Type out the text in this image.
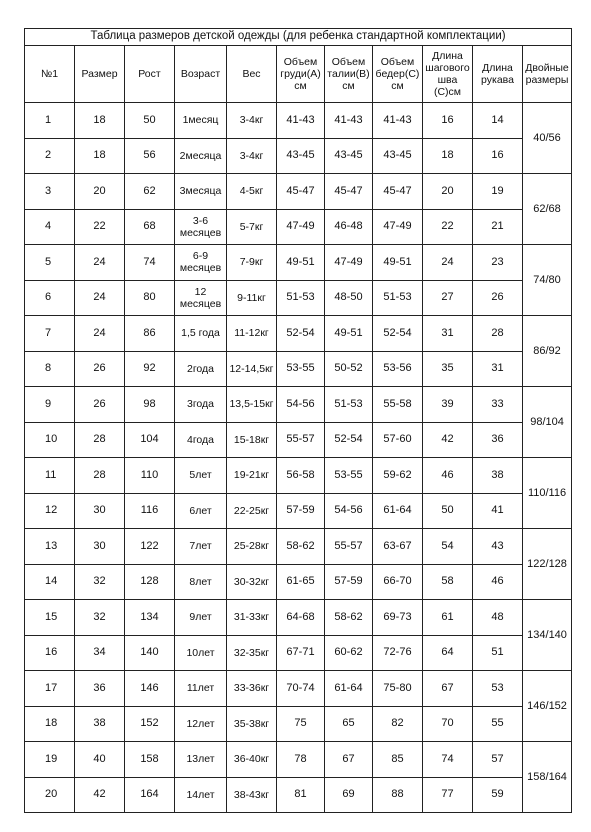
Таблица размеров детской одежды (для ребенка стандартной комплектации)										
№1	Размер	Рост	Возраст	Вес	Объем груди(А) см	Объем талии(В) см	Объем бедер(С) см	Длина шагового шва (С)см	Длина рукава	Двойные размеры
1	18	50	1месяц	3-4кг	41-43	41-43	41-43	16	14	40/56
2	18	56	2месяца	3-4кг	43-45	43-45	43-45	18	16	
3	20	62	3месяца	4-5кг	45-47	45-47	45-47	20	19	62/68
4	22	68	3-6 месяцев	5-7кг	47-49	46-48	47-49	22	21	
5	24	74	6-9 месяцев	7-9кг	49-51	47-49	49-51	24	23	74/80
6	24	80	12 месяцев	9-11кг	51-53	48-50	51-53	27	26	
7	24	86	1,5 года	11-12кг	52-54	49-51	52-54	31	28	86/92
8	26	92	2года	12-14,5кг	53-55	50-52	53-56	35	31	
9	26	98	3года	13,5-15кг	54-56	51-53	55-58	39	33	98/104
10	28	104	4года	15-18кг	55-57	52-54	57-60	42	36	
11	28	110	5лет	19-21кг	56-58	53-55	59-62	46	38	110/116
12	30	116	6лет	22-25кг	57-59	54-56	61-64	50	41	
13	30	122	7лет	25-28кг	58-62	55-57	63-67	54	43	122/128
14	32	128	8лет	30-32кг	61-65	57-59	66-70	58	46	
15	32	134	9лет	31-33кг	64-68	58-62	69-73	61	48	134/140
16	34	140	10лет	32-35кг	67-71	60-62	72-76	64	51	
17	36	146	11лет	33-36кг	70-74	61-64	75-80	67	53	146/152
18	38	152	12лет	35-38кг	75	65	82	70	55	
19	40	158	13лет	36-40кг	78	67	85	74	57	158/164
20	42	164	14лет	38-43кг	81	69	88	77	59	
